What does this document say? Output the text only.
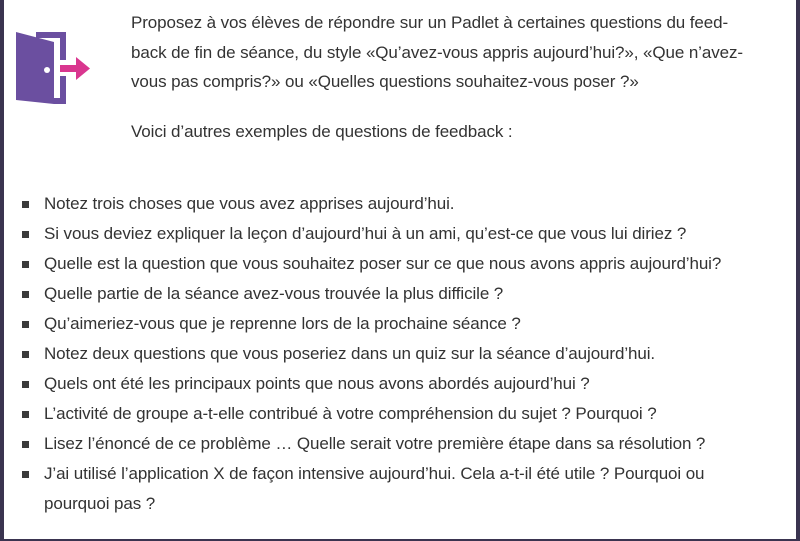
Proposez à vos élèves de répondre sur un Padlet à certaines questions du feed-
back de fin de séance, du style «Qu’avez-vous appris aujourd’hui?», «Que n’avez-
vous pas compris?» ou «Quelles questions souhaitez-vous poser ?»

Voici d’autres exemples de questions de feedback :

Notez trois choses que vous avez apprises aujourd’hui.
Si vous deviez expliquer la leçon d’aujourd’hui à un ami, qu’est-ce que vous lui diriez ?
Quelle est la question que vous souhaitez poser sur ce que nous avons appris aujourd’hui?
Quelle partie de la séance avez-vous trouvée la plus difficile ?
Qu’aimeriez-vous que je reprenne lors de la prochaine séance ?
Notez deux questions que vous poseriez dans un quiz sur la séance d’aujourd’hui.
Quels ont été les principaux points que nous avons abordés aujourd’hui ?
L’activité de groupe a-t-elle contribué à votre compréhension du sujet ? Pourquoi ?
Lisez l’énoncé de ce problème … Quelle serait votre première étape dans sa résolution ?
J’ai utilisé l’application X de façon intensive aujourd’hui. Cela a-t-il été utile ? Pourquoi ou
pourquoi pas ?
